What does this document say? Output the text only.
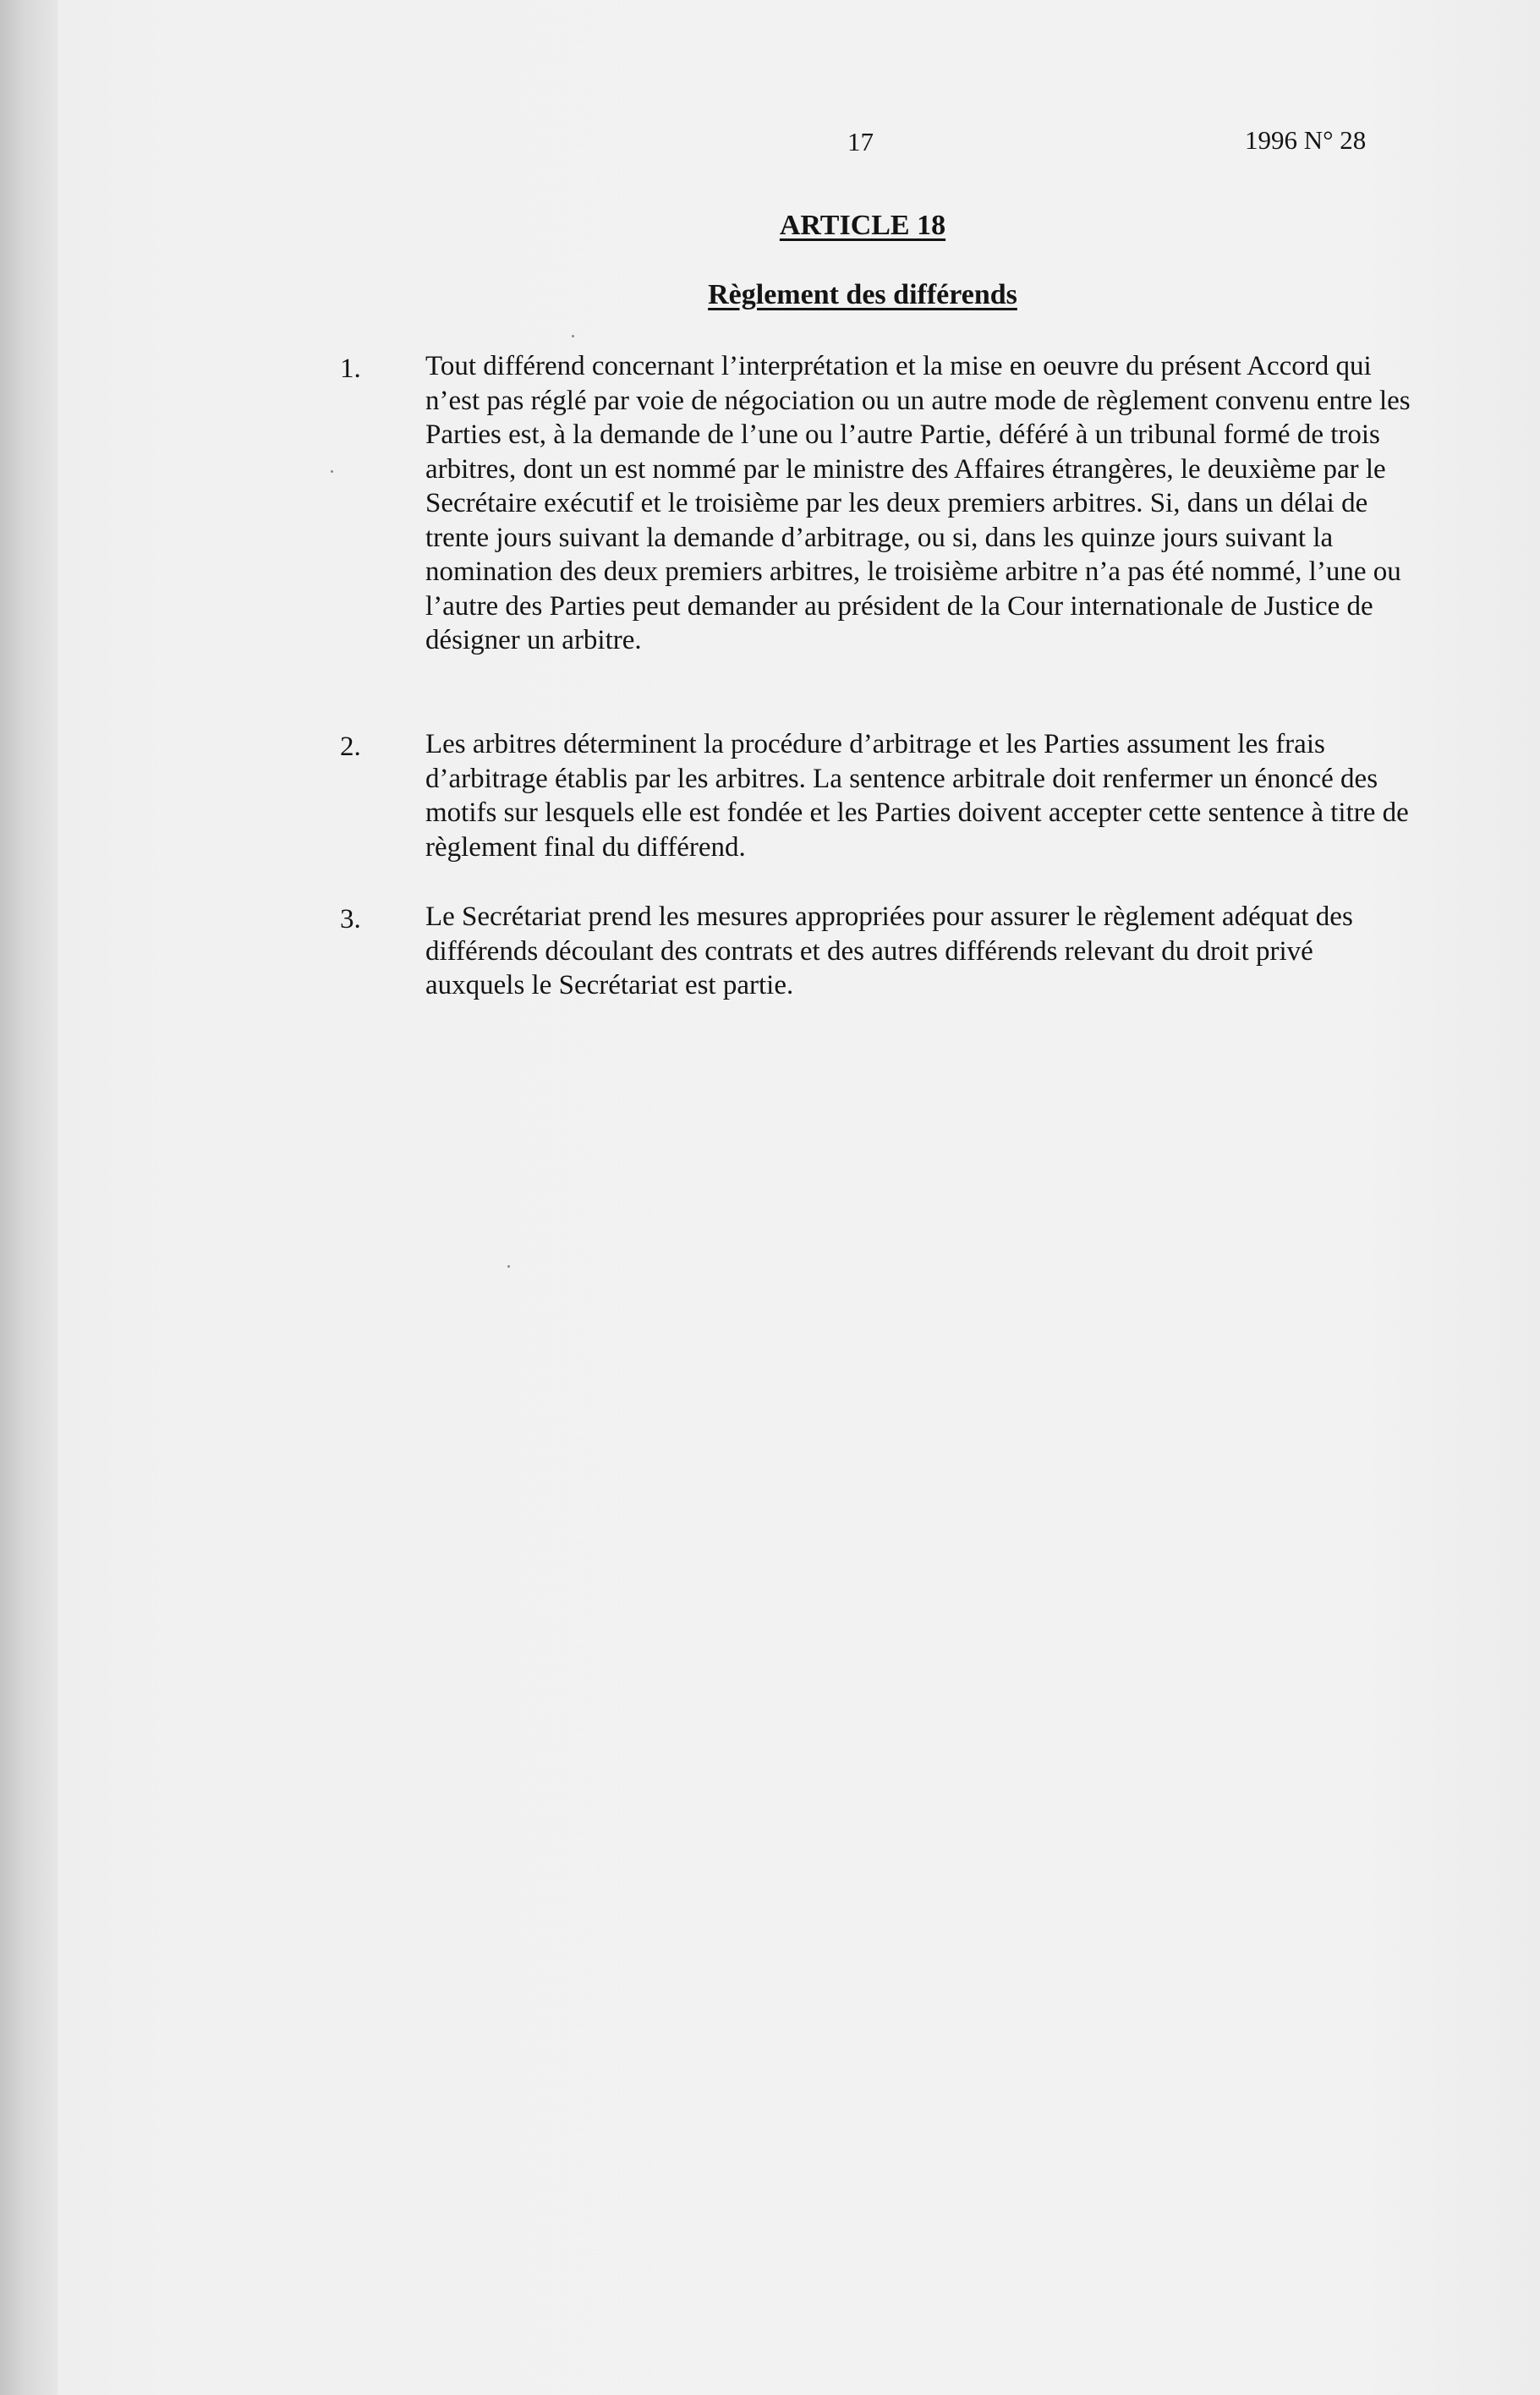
17	1996 N° 28
ARTICLE 18
Règlement des différends
1. Tout différend concernant l’interprétation et la mise en oeuvre du présent Accord qui n’est pas réglé par voie de négociation ou un autre mode de règlement convenu entre les Parties est, à la demande de l’une ou l’autre Partie, déféré à un tribunal formé de trois arbitres, dont un est nommé par le ministre des Affaires étrangères, le deuxième par le Secrétaire exécutif et le troisième par les deux premiers arbitres. Si, dans un délai de trente jours suivant la demande d’arbitrage, ou si, dans les quinze jours suivant la nomination des deux premiers arbitres, le troisième arbitre n’a pas été nommé, l’une ou l’autre des Parties peut demander au président de la Cour internationale de Justice de désigner un arbitre.
2. Les arbitres déterminent la procédure d’arbitrage et les Parties assument les frais d’arbitrage établis par les arbitres. La sentence arbitrale doit renfermer un énoncé des motifs sur lesquels elle est fondée et les Parties doivent accepter cette sentence à titre de règlement final du différend.
3. Le Secrétariat prend les mesures appropriées pour assurer le règlement adéquat des différends découlant des contrats et des autres différends relevant du droit privé auxquels le Secrétariat est partie.
